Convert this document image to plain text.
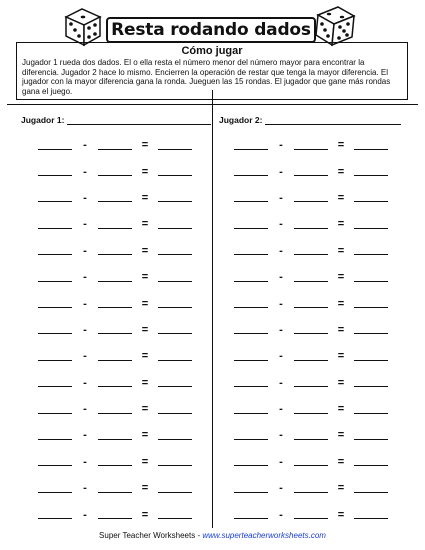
Resta rodando dados
Cómo jugar
Jugador 1 rueda dos dados. El o ella resta el número menor del número mayor para encontrar la diferencia. Jugador 2 hace lo mismo. Encierren la operación de restar que tenga la mayor diferencia. El jugador con la mayor diferencia gana la ronda. Jueguen las 15 rondas. El jugador que gane más rondas gana el juego.
Jugador 1:	Jugador 2:
-	=
-	=
-	=
-	=
-	=
-	=
-	=
-	=
-	=
-	=
-	=
-	=
-	=
-	=
-	=
-	=
-	=
-	=
-	=
-	=
-	=
-	=
-	=
-	=
-	=
-	=
-	=
-	=
-	=
-	=
Super Teacher Worksheets - www.superteacherworksheets.com
